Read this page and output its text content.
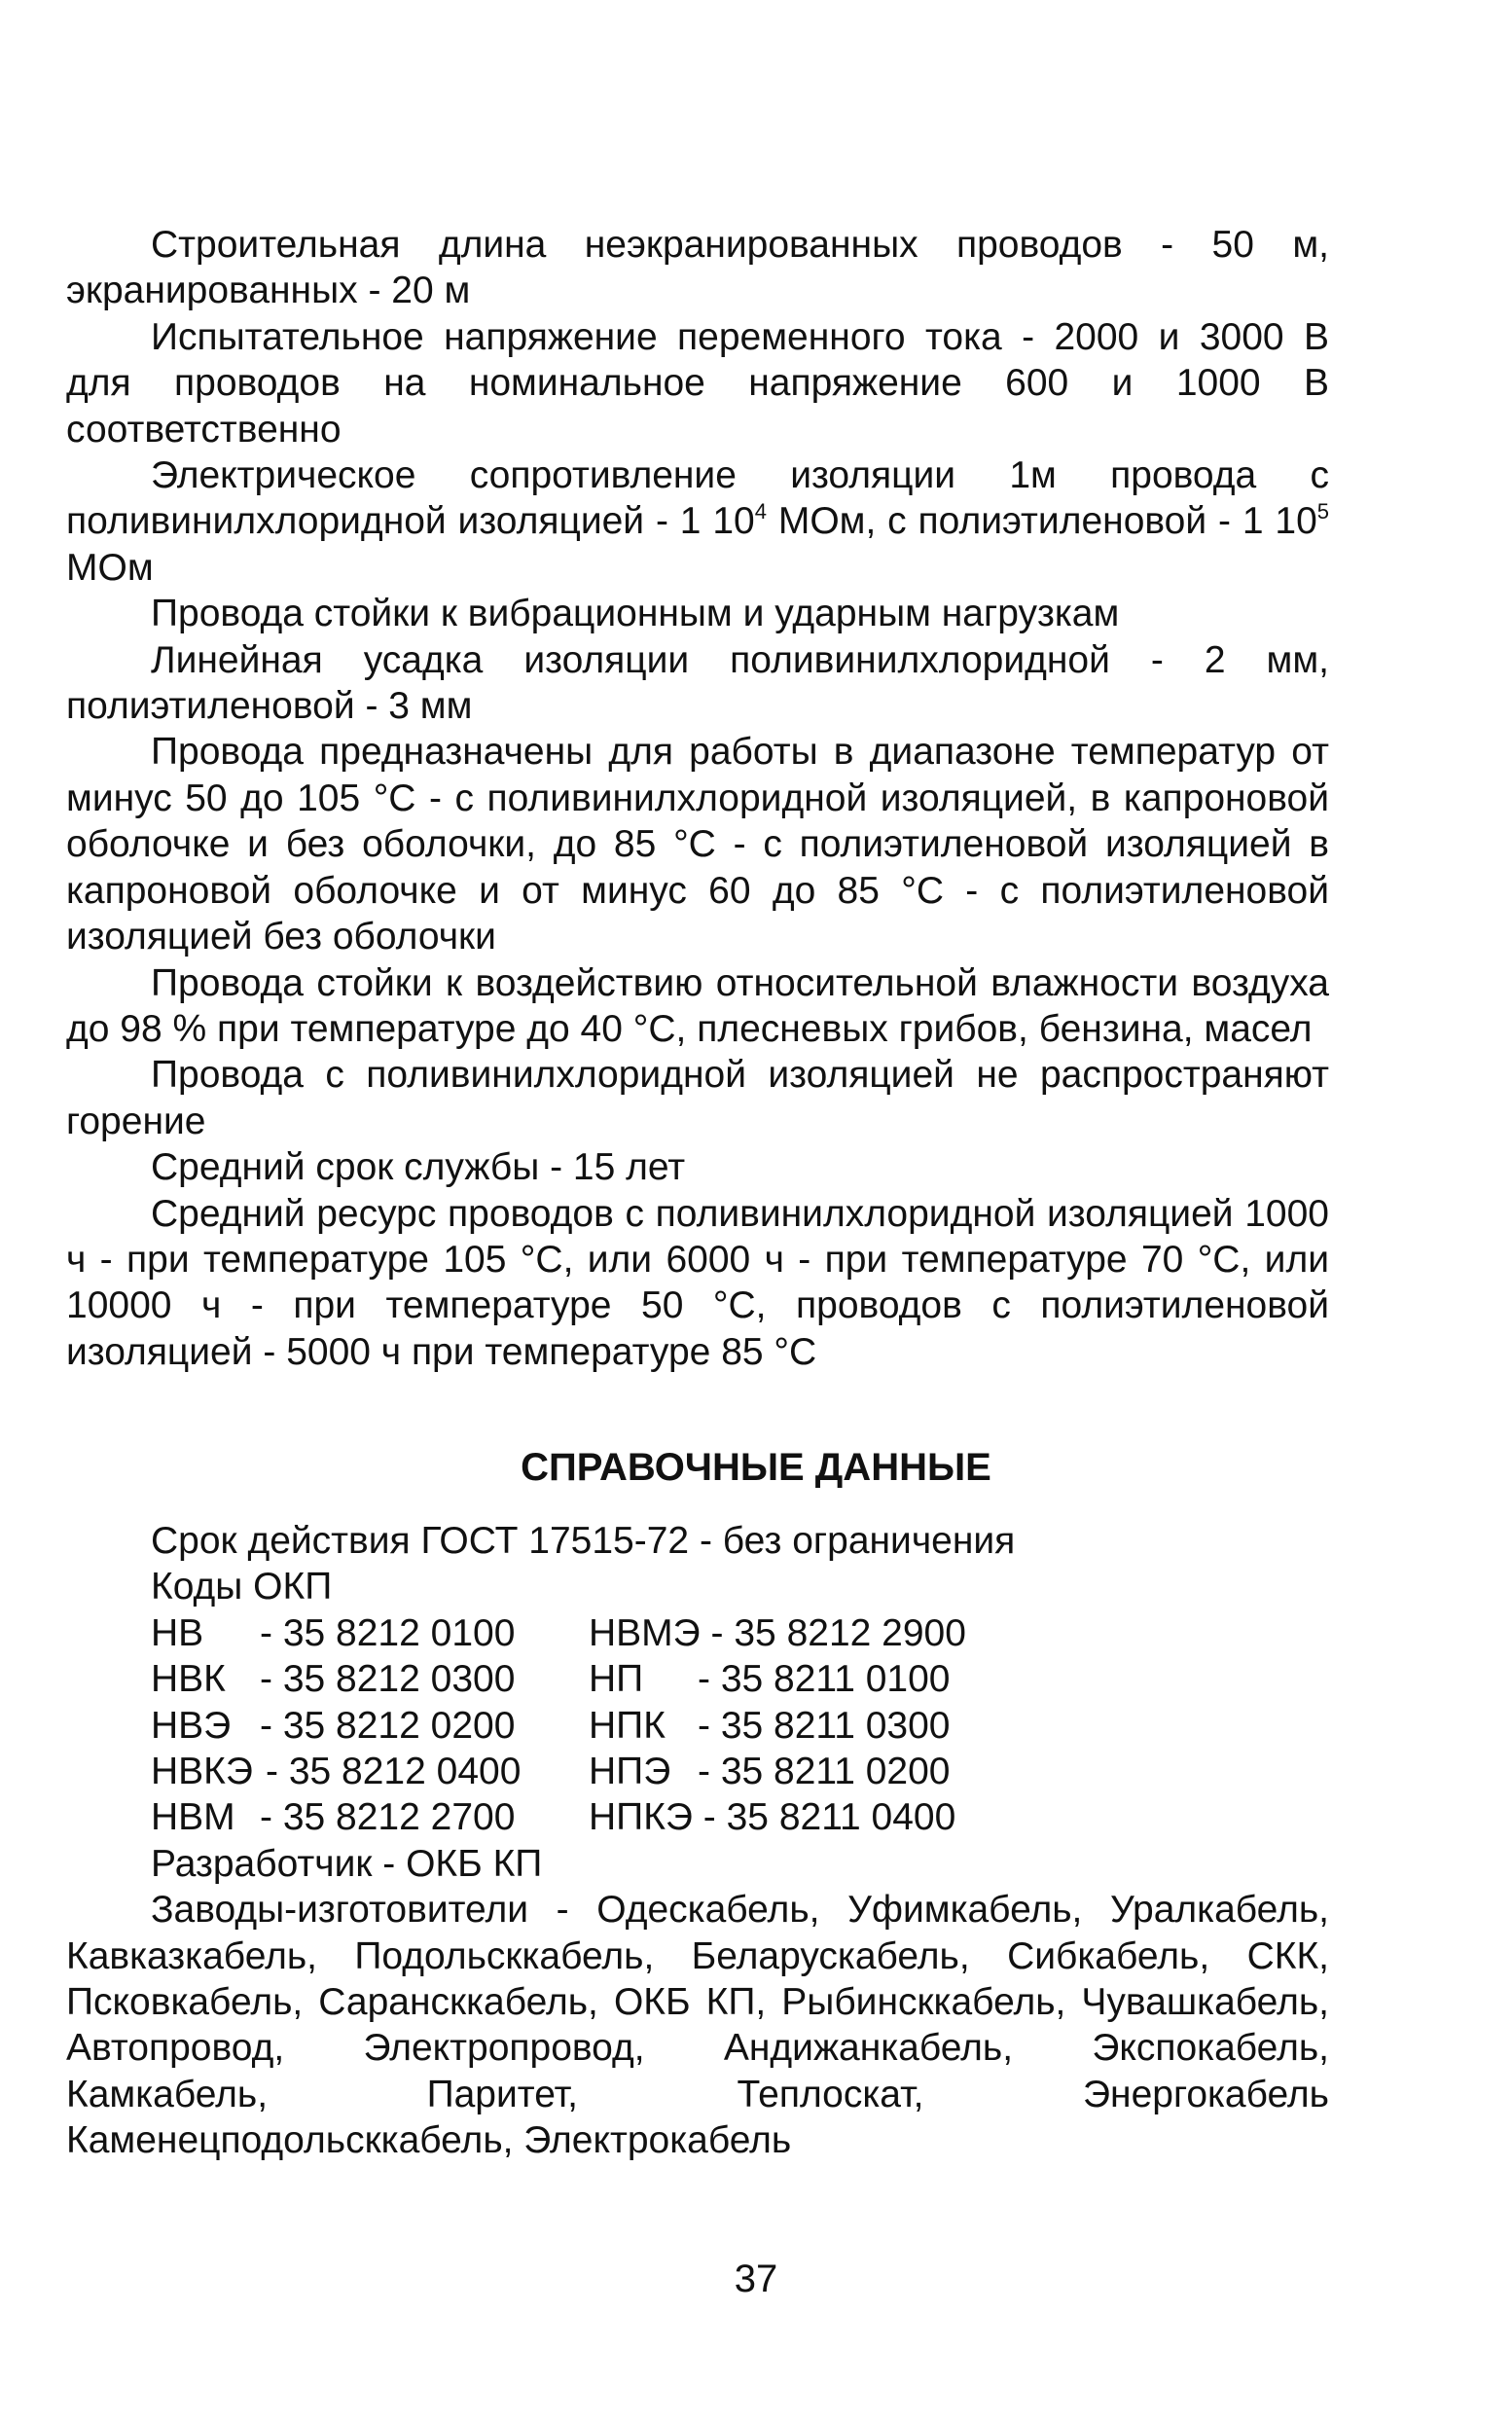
Строительная длина неэкранированных проводов - 50 м, экранированных - 20 м

Испытательное напряжение переменного тока - 2000 и 3000 В для проводов на номинальное напряжение 600 и 1000 В соответственно

Электрическое сопротивление изоляции 1м провода с поливинилхлоридной изоляцией - 1 $10^4$ МОм, с полиэтиленовой - 1 $10^5$ МОм

Провода стойки к вибрационным и ударным нагрузкам

Линейная усадка изоляции поливинилхлоридной - 2 мм, полиэтиленовой - 3 мм

Провода предназначены для работы в диапазоне температур от минус 50 до 105 °С - с поливинилхлоридной изоляцией, в капроновой оболочке и без оболочки, до 85 °С - с полиэтиленовой изоляцией в капроновой оболочке и от минус 60 до 85 °С - с полиэтиленовой изоляцией без оболочки

Провода стойки к воздействию относительной влажности воздуха до 98 % при температуре до 40 °С, плесневых грибов, бензина, масел

Провода с поливинилхлоридной изоляцией не распространяют горение

Средний срок службы - 15 лет

Средний ресурс проводов с поливинилхлоридной изоляцией 1000 ч - при температуре 105 °С, или 6000 ч - при температуре 70 °С, или 10000 ч - при температуре 50 °С, проводов с полиэтиленовой изоляцией - 5000 ч при температуре 85 °С

СПРАВОЧНЫЕ ДАННЫЕ

Срок действия ГОСТ 17515-72 - без ограничения

Коды ОКП

НВ - 35 8212 0100	НВМЭ - 35 8212 2900
НВК - 35 8212 0300	НП - 35 8211 0100
НВЭ - 35 8212 0200	НПК - 35 8211 0300
НВКЭ - 35 8212 0400	НПЭ - 35 8211 0200
НВМ - 35 8212 2700	НПКЭ - 35 8211 0400

Разработчик - ОКБ КП

Заводы-изготовители - Одескабель, Уфимкабель, Уралкабель, Кавказкабель, Подольсккабель, Беларускабель, Сибкабель, СКК, Псковкабель, Сарансккабель, ОКБ КП, Рыбинсккабель, Чувашкабель, Автопровод, Электропровод, Андижанкабель, Экспокабель, Камкабель, Паритет, Теплоскат, Энергокабель Каменецподольсккабель, Электрокабель

37
